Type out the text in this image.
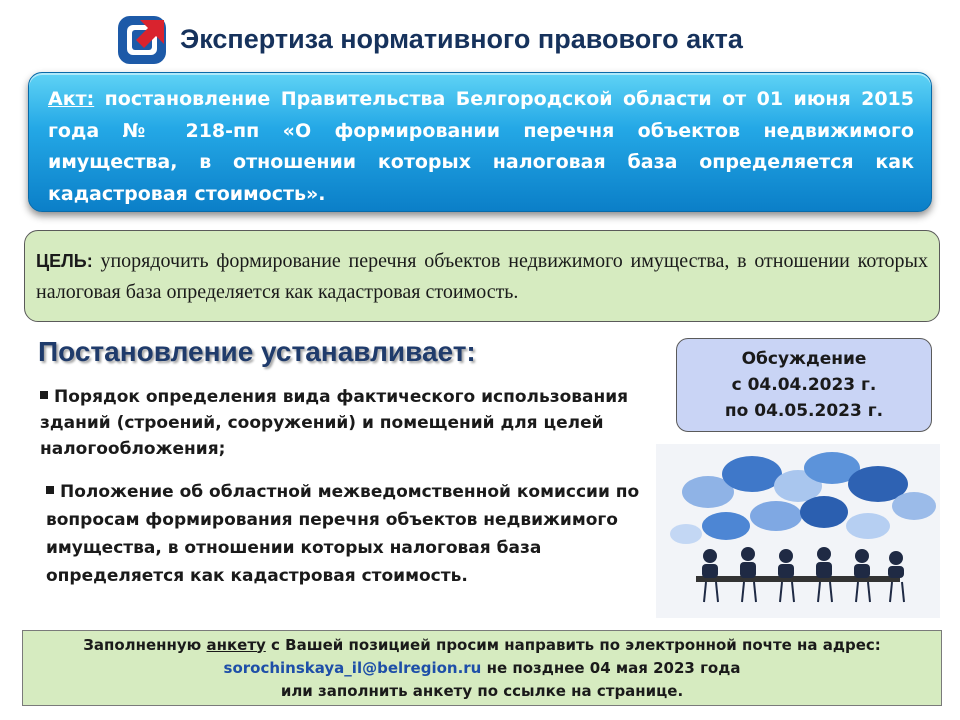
Экспертиза нормативного правового акта
Акт: постановление Правительства Белгородской области от 01 июня 2015 года № 218-пп «О формировании перечня объектов недвижимого имущества, в отношении которых налоговая база определяется как кадастровая стоимость».
ЦЕЛЬ: упорядочить формирование перечня объектов недвижимого имущества, в отношении которых налоговая база определяется как кадастровая стоимость.
Постановление устанавливает:
Порядок определения вида фактического использования зданий (строений, сооружений) и помещений для целей налогообложения;
Положение об областной межведомственной комиссии по вопросам формирования перечня объектов недвижимого имущества, в отношении которых налоговая база определяется как кадастровая стоимость.
Обсуждение
с 04.04.2023 г.
по 04.05.2023 г.
Заполненную анкету с Вашей позицией просим направить по электронной почте на адрес:
sorochinskaya_il@belregion.ru не позднее 04 мая 2023 года
или заполнить анкету по ссылке на странице.
